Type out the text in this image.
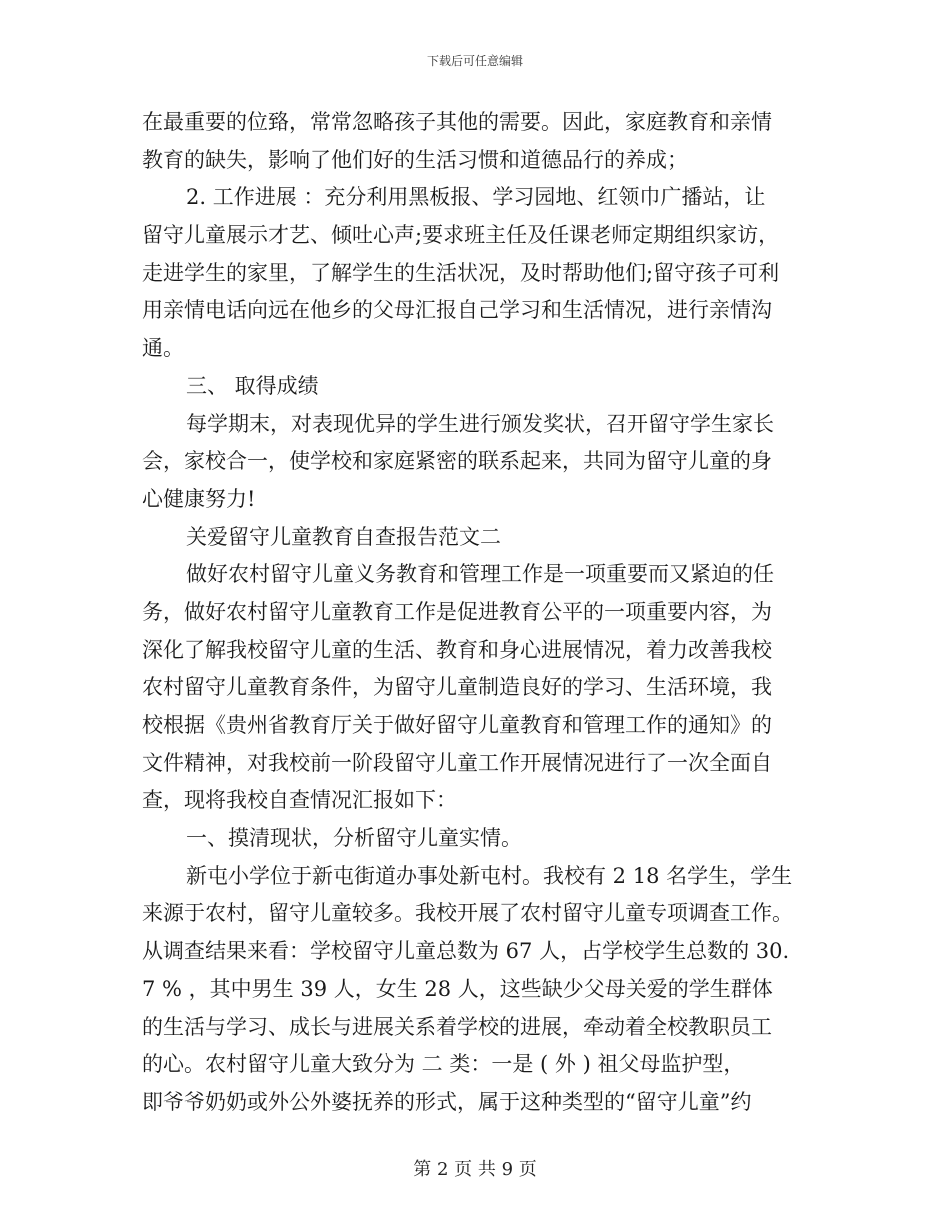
下载后可任意编辑
在最重要的位臵，常常忽略孩子其他的需要。因此，家庭教育和亲情
教育的缺失，影响了他们好的生活习惯和道德品行的养成；
2. 工作进展 ：充分利用黑板报、学习园地、红领巾广播站，让
留守儿童展示才艺、倾吐心声;要求班主任及任课老师定期组织家访，
走进学生的家里，了解学生的生活状况，及时帮助他们;留守孩子可利
用亲情电话向远在他乡的父母汇报自己学习和生活情况，进行亲情沟
通。
三、 取得成绩
每学期末，对表现优异的学生进行颁发奖状，召开留守学生家长
会，家校合一，使学校和家庭紧密的联系起来，共同为留守儿童的身
心健康努力!
关爱留守儿童教育自查报告范文二
做好农村留守儿童义务教育和管理工作是一项重要而又紧迫的任
务，做好农村留守儿童教育工作是促进教育公平的一项重要内容，为
深化了解我校留守儿童的生活、教育和身心进展情况，着力改善我校
农村留守儿童教育条件，为留守儿童制造良好的学习、生活环境，我
校根据《贵州省教育厅关于做好留守儿童教育和管理工作的通知》的
文件精神，对我校前一阶段留守儿童工作开展情况进行了一次全面自
查，现将我校自查情况汇报如下：
一、摸清现状，分析留守儿童实情。
新屯小学位于新屯街道办事处新屯村。我校有 2 18 名学生，学生
来源于农村，留守儿童较多。我校开展了农村留守儿童专项调查工作。
从调查结果来看：学校留守儿童总数为 67 人，占学校学生总数的 30.
7 % ，其中男生 39 人，女生 28 人，这些缺少父母关爱的学生群体
的生活与学习、成长与进展关系着学校的进展，牵动着全校教职员工
的心。农村留守儿童大致分为 二 类：一是 ( 外 ) 祖父母监护型，
即爷爷奶奶或外公外婆抚养的形式，属于这种类型的“留守儿童”约
第 2 页 共 9 页
